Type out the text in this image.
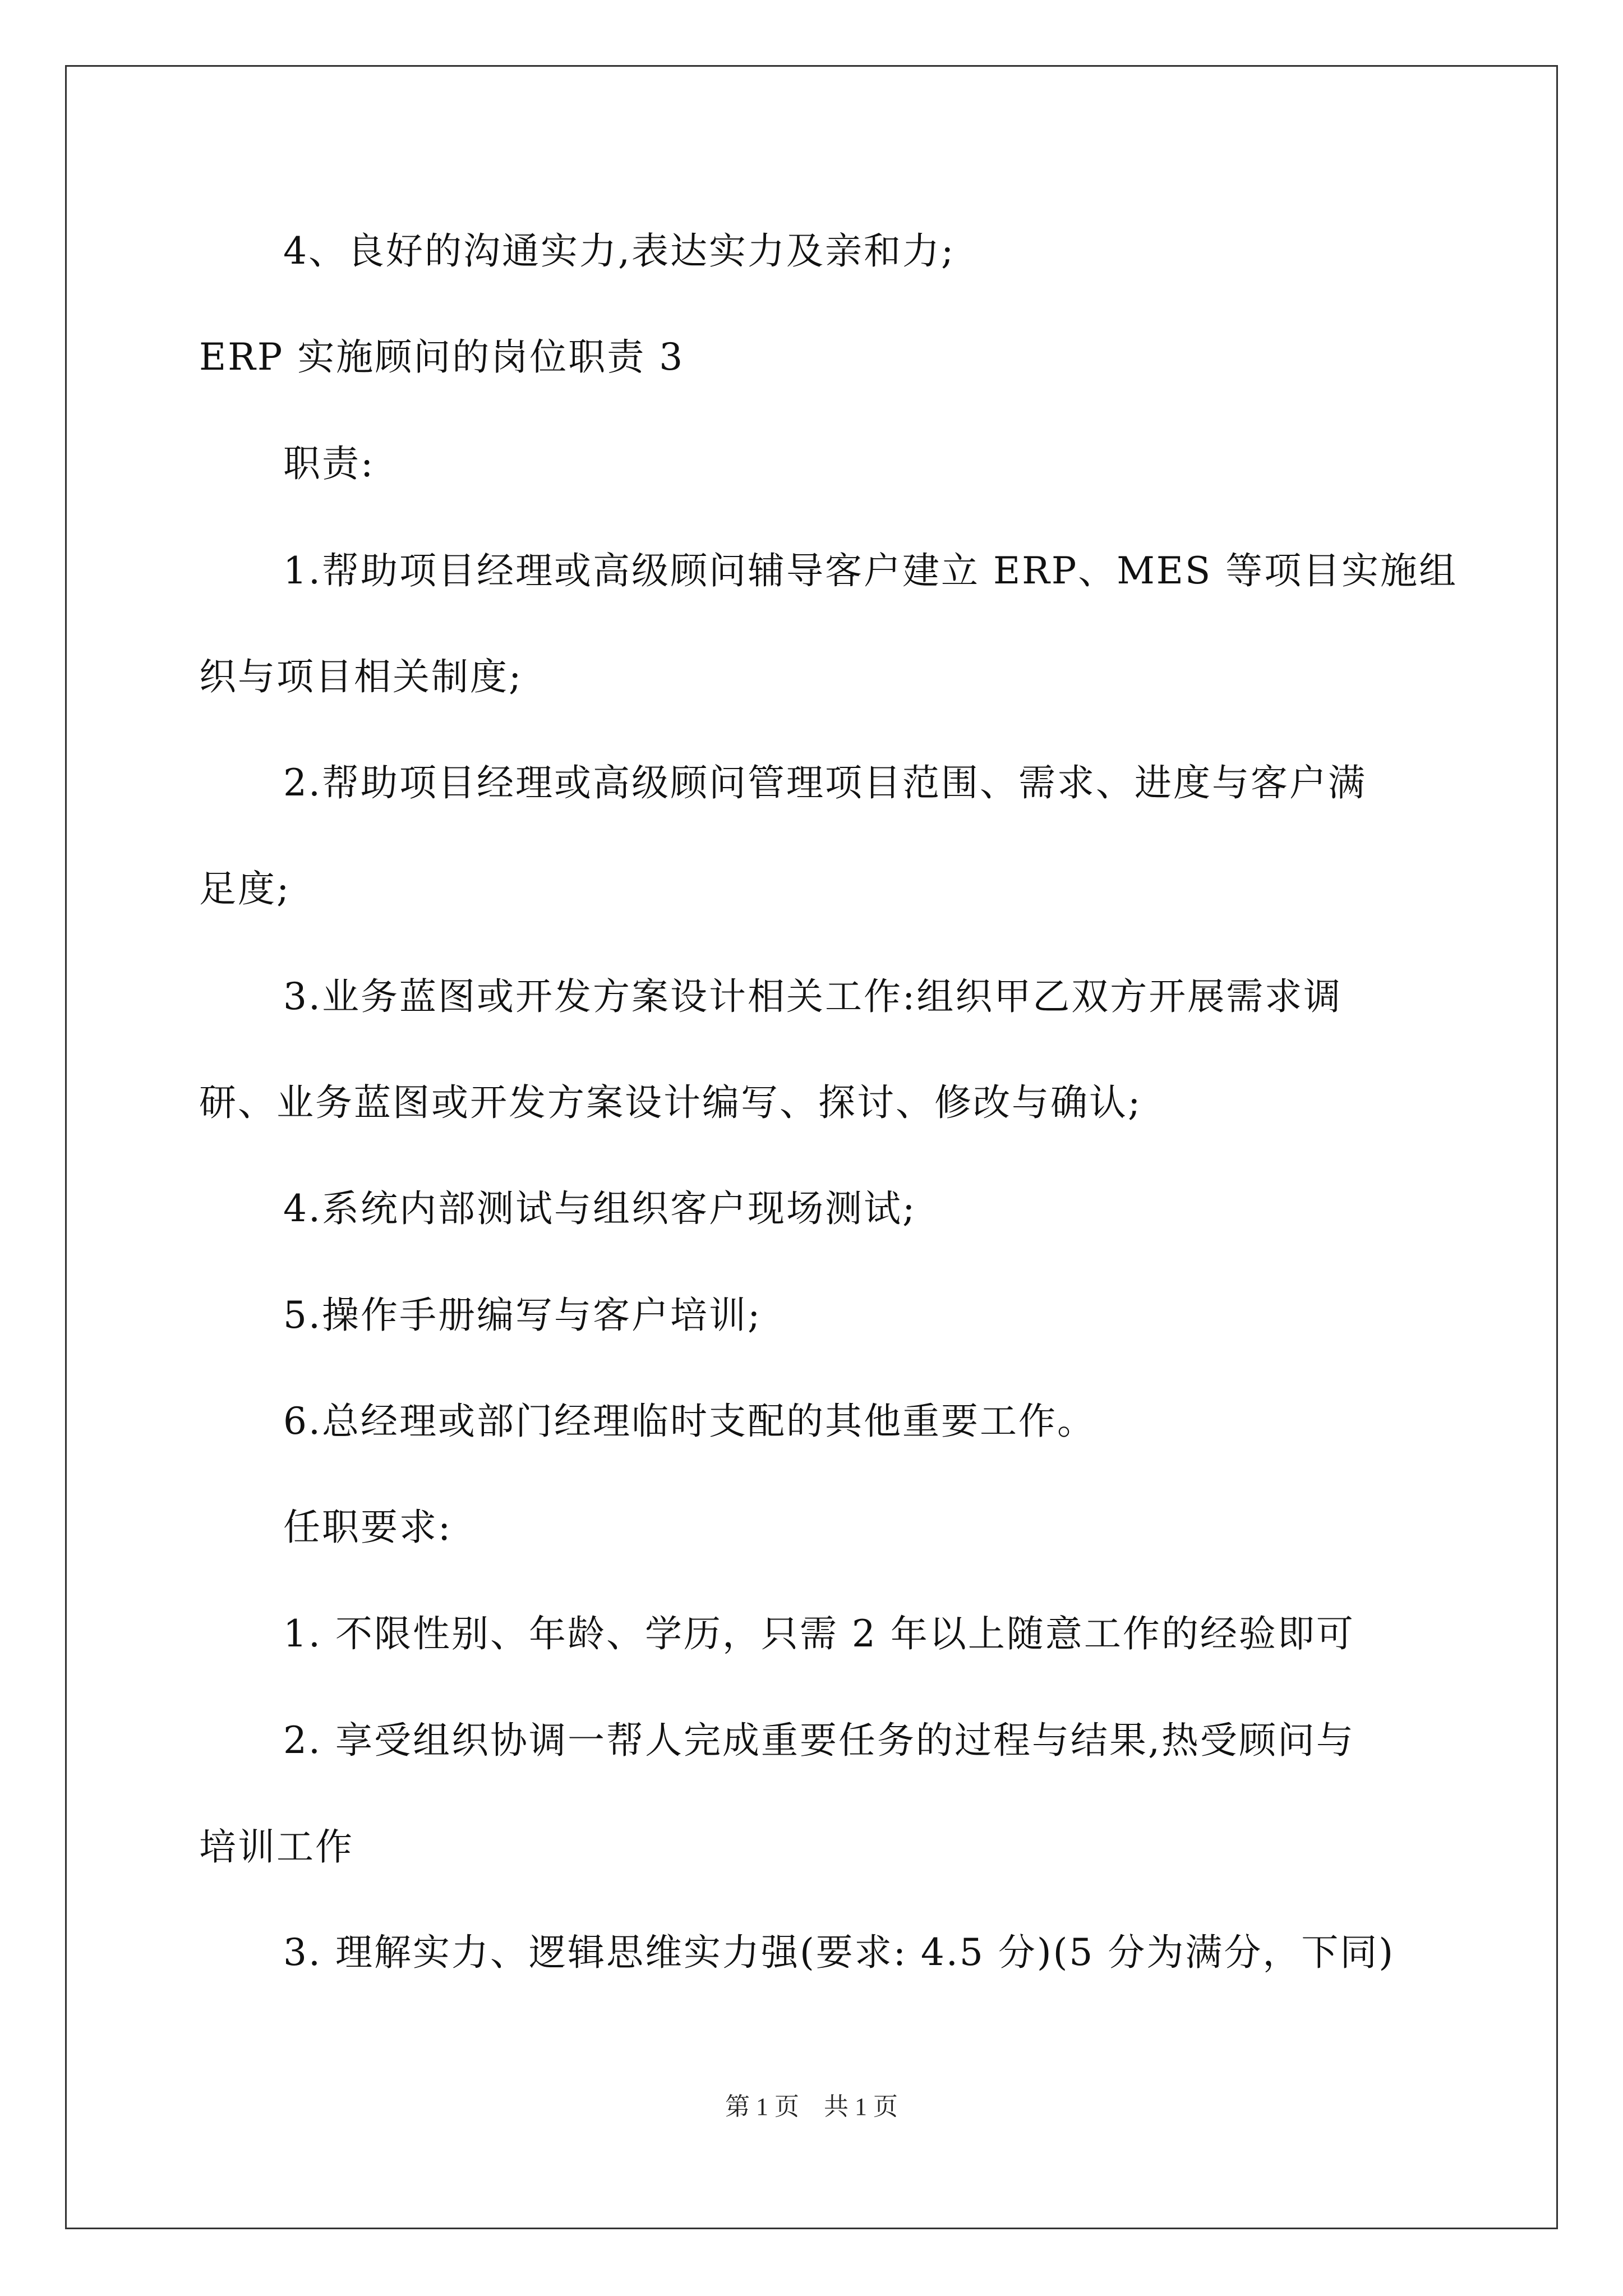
4、良好的沟通实力,表达实力及亲和力;
ERP 实施顾问的岗位职责 3
职责:
1.帮助项目经理或高级顾问辅导客户建立 ERP、MES 等项目实施组
织与项目相关制度;
2.帮助项目经理或高级顾问管理项目范围、需求、进度与客户满
足度;
3.业务蓝图或开发方案设计相关工作:组织甲乙双方开展需求调
研、业务蓝图或开发方案设计编写、探讨、修改与确认;
4.系统内部测试与组织客户现场测试;
5.操作手册编写与客户培训;
6.总经理或部门经理临时支配的其他重要工作。
任职要求:
1. 不限性别、年龄、学历，只需 2 年以上随意工作的经验即可
2. 享受组织协调一帮人完成重要任务的过程与结果,热受顾问与
培训工作
3. 理解实力、逻辑思维实力强(要求: 4.5 分)(5 分为满分，下同)
第 1 页　共 1 页
